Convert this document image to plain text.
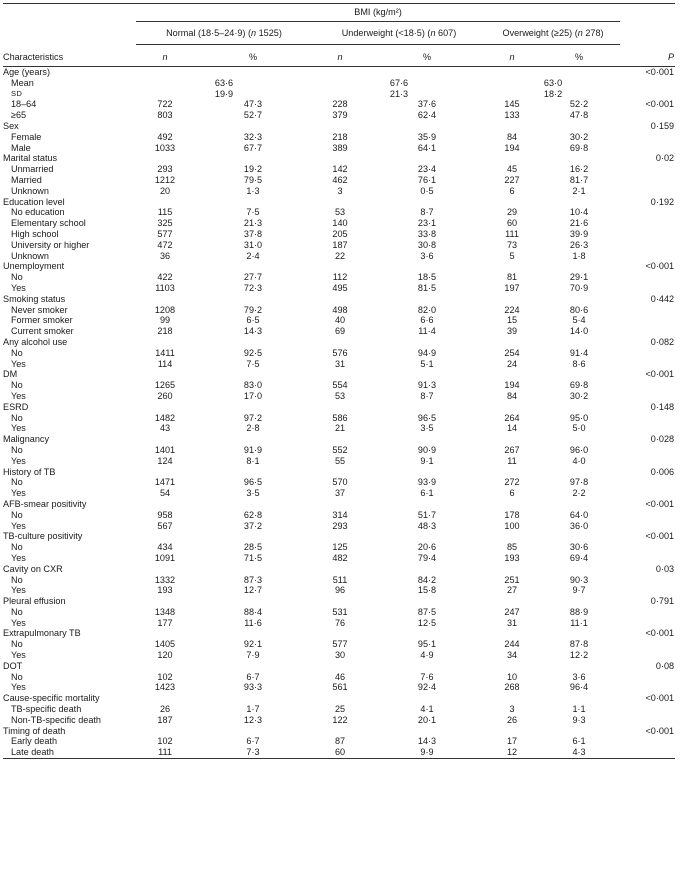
	BMI (kg/m²)						
	Normal (18·5–24·9) (n 1525)		Underweight (<18·5) (n 607)		Overweight (≥25) (n 278)		
Characteristics	n	%	n	%	n	%	P
Age (years)							<0·001
Mean	63·6		67·6		63·0		
SD	19·9		21·3		18·2		
18–64	722	47·3	228	37·6	145	52·2	<0·001
≥65	803	52·7	379	62·4	133	47·8	
Sex							0·159
Female	492	32·3	218	35·9	84	30·2	
Male	1033	67·7	389	64·1	194	69·8	
Marital status							0·02
Unmarried	293	19·2	142	23·4	45	16·2	
Married	1212	79·5	462	76·1	227	81·7	
Unknown	20	1·3	3	0·5	6	2·1	
Education level							0·192
No education	115	7·5	53	8·7	29	10·4	
Elementary school	325	21·3	140	23·1	60	21·6	
High school	577	37·8	205	33·8	111	39·9	
University or higher	472	31·0	187	30·8	73	26·3	
Unknown	36	2·4	22	3·6	5	1·8	
Unemployment							<0·001
No	422	27·7	112	18·5	81	29·1	
Yes	1103	72·3	495	81·5	197	70·9	
Smoking status							0·442
Never smoker	1208	79·2	498	82·0	224	80·6	
Former smoker	99	6·5	40	6·6	15	5·4	
Current smoker	218	14·3	69	11·4	39	14·0	
Any alcohol use							0·082
No	1411	92·5	576	94·9	254	91·4	
Yes	114	7·5	31	5·1	24	8·6	
DM							<0·001
No	1265	83·0	554	91·3	194	69·8	
Yes	260	17·0	53	8·7	84	30·2	
ESRD							0·148
No	1482	97·2	586	96·5	264	95·0	
Yes	43	2·8	21	3·5	14	5·0	
Malignancy							0·028
No	1401	91·9	552	90·9	267	96·0	
Yes	124	8·1	55	9·1	11	4·0	
History of TB							0·006
No	1471	96·5	570	93·9	272	97·8	
Yes	54	3·5	37	6·1	6	2·2	
AFB-smear positivity							<0·001
No	958	62·8	314	51·7	178	64·0	
Yes	567	37·2	293	48·3	100	36·0	
TB-culture positivity							<0·001
No	434	28·5	125	20·6	85	30·6	
Yes	1091	71·5	482	79·4	193	69·4	
Cavity on CXR							0·03
No	1332	87·3	511	84·2	251	90·3	
Yes	193	12·7	96	15·8	27	9·7	
Pleural effusion							0·791
No	1348	88·4	531	87·5	247	88·9	
Yes	177	11·6	76	12·5	31	11·1	
Extrapulmonary TB							<0·001
No	1405	92·1	577	95·1	244	87·8	
Yes	120	7·9	30	4·9	34	12·2	
DOT							0·08
No	102	6·7	46	7·6	10	3·6	
Yes	1423	93·3	561	92·4	268	96·4	
Cause-specific mortality							<0·001
TB-specific death	26	1·7	25	4·1	3	1·1	
Non-TB-specific death	187	12·3	122	20·1	26	9·3	
Timing of death							<0·001
Early death	102	6·7	87	14·3	17	6·1	
Late death	111	7·3	60	9·9	12	4·3	
